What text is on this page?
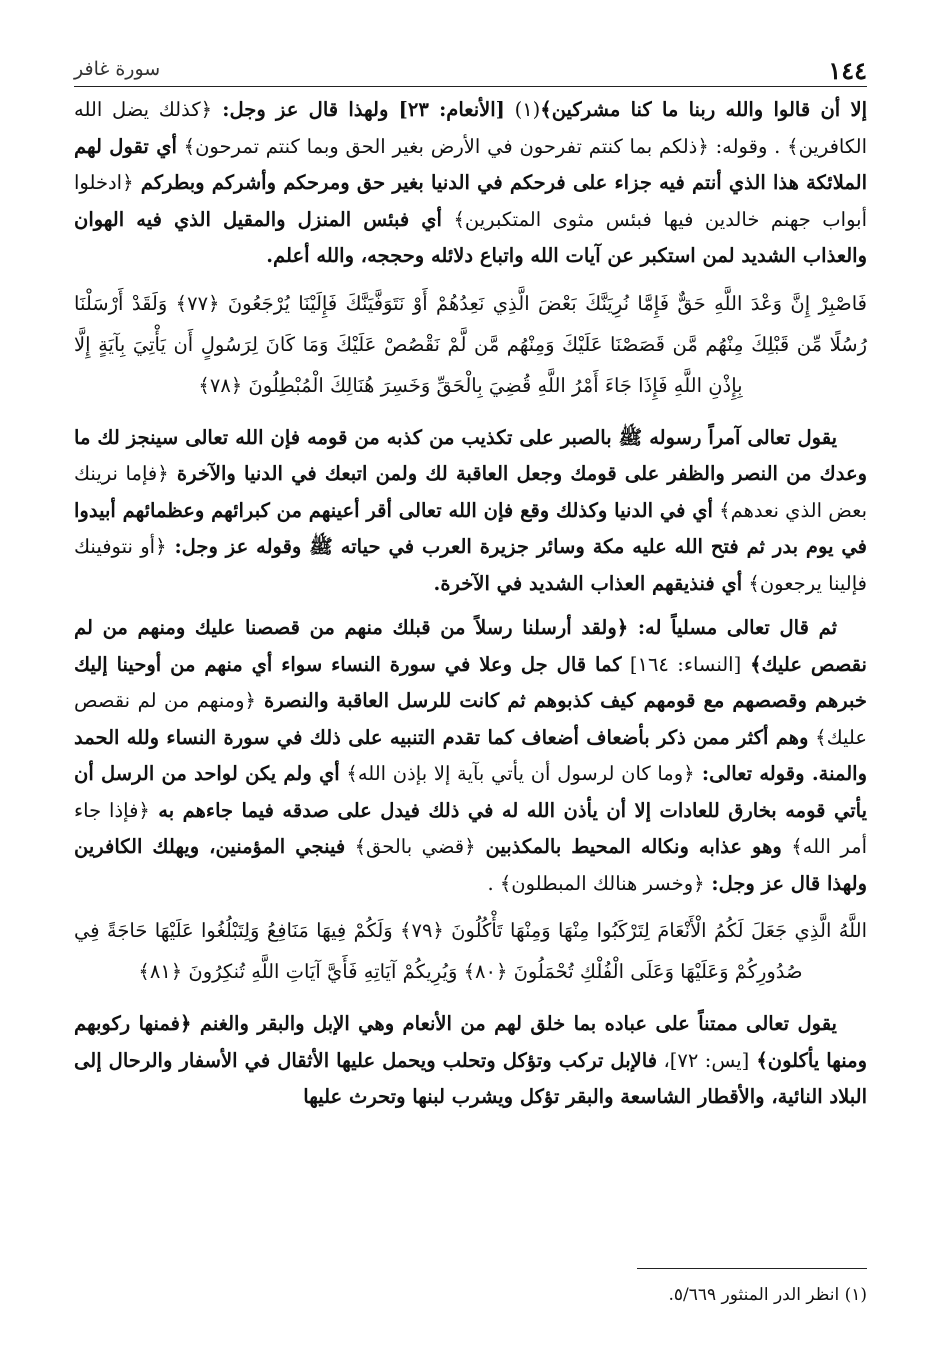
١٤٤
سورة غافر

إلا أن قالوا والله ربنا ما كنا مشركين﴾(١) [الأنعام: ٢٣] ولهذا قال عز وجل: ﴿كذلك يضل الله الكافرين﴾ . وقوله: ﴿ذلكم بما كنتم تفرحون في الأرض بغير الحق وبما كنتم تمرحون﴾ أي تقول لهم الملائكة هذا الذي أنتم فيه جزاء على فرحكم في الدنيا بغير حق ومرحكم وأشركم وبطركم ﴿ادخلوا أبواب جهنم خالدين فيها فبئس مثوى المتكبرين﴾ أي فبئس المنزل والمقيل الذي فيه الهوان والعذاب الشديد لمن استكبر عن آيات الله واتباع دلائله وحججه، والله أعلم.

فَاصْبِرْ إِنَّ وَعْدَ اللَّهِ حَقٌّ فَإِمَّا نُرِيَنَّكَ بَعْضَ الَّذِي نَعِدُهُمْ أَوْ نَتَوَفَّيَنَّكَ فَإِلَيْنَا يُرْجَعُونَ ﴿٧٧﴾ وَلَقَدْ أَرْسَلْنَا رُسُلًا مِّن قَبْلِكَ مِنْهُم مَّن قَصَصْنَا عَلَيْكَ وَمِنْهُم مَّن لَّمْ نَقْصُصْ عَلَيْكَ وَمَا كَانَ لِرَسُولٍ أَن يَأْتِيَ بِآيَةٍ إِلَّا بِإِذْنِ اللَّهِ فَإِذَا جَاءَ أَمْرُ اللَّهِ قُضِيَ بِالْحَقِّ وَخَسِرَ هُنَالِكَ الْمُبْطِلُونَ ﴿٧٨﴾

يقول تعالى آمراً رسوله ﷺ بالصبر على تكذيب من كذبه من قومه فإن الله تعالى سينجز لك ما وعدك من النصر والظفر على قومك وجعل العاقبة لك ولمن اتبعك في الدنيا والآخرة ﴿فإما نرينك بعض الذي نعدهم﴾ أي في الدنيا وكذلك وقع فإن الله تعالى أقر أعينهم من كبرائهم وعظمائهم أبيدوا في يوم بدر ثم فتح الله عليه مكة وسائر جزيرة العرب في حياته ﷺ وقوله عز وجل: ﴿أو نتوفينك فإلينا يرجعون﴾ أي فنذيقهم العذاب الشديد في الآخرة.

ثم قال تعالى مسلياً له: ﴿ولقد أرسلنا رسلاً من قبلك منهم من قصصنا عليك ومنهم من لم نقصص عليك﴾ [النساء: ١٦٤] كما قال جل وعلا في سورة النساء سواء أي منهم من أوحينا إليك خبرهم وقصصهم مع قومهم كيف كذبوهم ثم كانت للرسل العاقبة والنصرة ﴿ومنهم من لم نقصص عليك﴾ وهم أكثر ممن ذكر بأضعاف أضعاف كما تقدم التنبيه على ذلك في سورة النساء ولله الحمد والمنة. وقوله تعالى: ﴿وما كان لرسول أن يأتي بآية إلا بإذن الله﴾ أي ولم يكن لواحد من الرسل أن يأتي قومه بخارق للعادات إلا أن يأذن الله له في ذلك فيدل على صدقه فيما جاءهم به ﴿فإذا جاء أمر الله﴾ وهو عذابه ونكاله المحيط بالمكذبين ﴿قضي بالحق﴾ فينجي المؤمنين، ويهلك الكافرين ولهذا قال عز وجل: ﴿وخسر هنالك المبطلون﴾ .

اللَّهُ الَّذِي جَعَلَ لَكُمُ الْأَنْعَامَ لِتَرْكَبُوا مِنْهَا وَمِنْهَا تَأْكُلُونَ ﴿٧٩﴾ وَلَكُمْ فِيهَا مَنَافِعُ وَلِتَبْلُغُوا عَلَيْهَا حَاجَةً فِي صُدُورِكُمْ وَعَلَيْهَا وَعَلَى الْفُلْكِ تُحْمَلُونَ ﴿٨٠﴾ وَيُرِيكُمْ آيَاتِهِ فَأَيَّ آيَاتِ اللَّهِ تُنكِرُونَ ﴿٨١﴾

يقول تعالى ممتناً على عباده بما خلق لهم من الأنعام وهي الإبل والبقر والغنم ﴿فمنها ركوبهم ومنها يأكلون﴾ [يس: ٧٢]، فالإبل تركب وتؤكل وتحلب ويحمل عليها الأثقال في الأسفار والرحال إلى البلاد النائية، والأقطار الشاسعة والبقر تؤكل ويشرب لبنها وتحرث عليها

(١) انظر الدر المنثور ٥/٦٦٩.
